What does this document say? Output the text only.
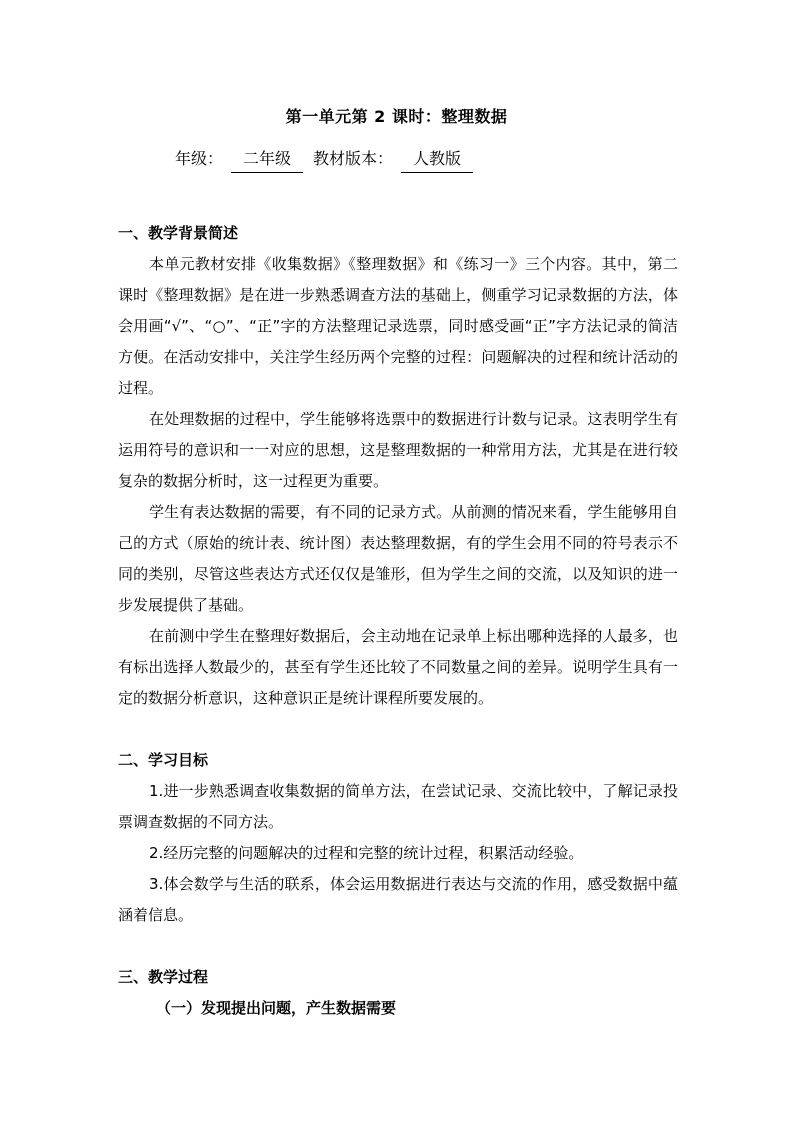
第一单元第 2 课时：整理数据
年级： 二年级 教材版本： 人教版

一、教学背景简述

本单元教材安排《收集数据》《整理数据》和《练习一》三个内容。其中，第二课时《整理数据》是在进一步熟悉调查方法的基础上，侧重学习记录数据的方法，体会用画“√”、“○”、“正”字的方法整理记录选票，同时感受画“正”字方法记录的简洁方便。在活动安排中，关注学生经历两个完整的过程：问题解决的过程和统计活动的过程。

在处理数据的过程中，学生能够将选票中的数据进行计数与记录。这表明学生有运用符号的意识和一一对应的思想，这是整理数据的一种常用方法，尤其是在进行较复杂的数据分析时，这一过程更为重要。

学生有表达数据的需要，有不同的记录方式。从前测的情况来看，学生能够用自己的方式（原始的统计表、统计图）表达整理数据，有的学生会用不同的符号表示不同的类别，尽管这些表达方式还仅仅是雏形，但为学生之间的交流，以及知识的进一步发展提供了基础。

在前测中学生在整理好数据后，会主动地在记录单上标出哪种选择的人最多，也有标出选择人数最少的，甚至有学生还比较了不同数量之间的差异。说明学生具有一定的数据分析意识，这种意识正是统计课程所要发展的。

二、学习目标

1.进一步熟悉调查收集数据的简单方法，在尝试记录、交流比较中，了解记录投票调查数据的不同方法。

2.经历完整的问题解决的过程和完整的统计过程，积累活动经验。

3.体会数学与生活的联系，体会运用数据进行表达与交流的作用，感受数据中蕴涵着信息。

三、教学过程

（一）发现提出问题，产生数据需要
